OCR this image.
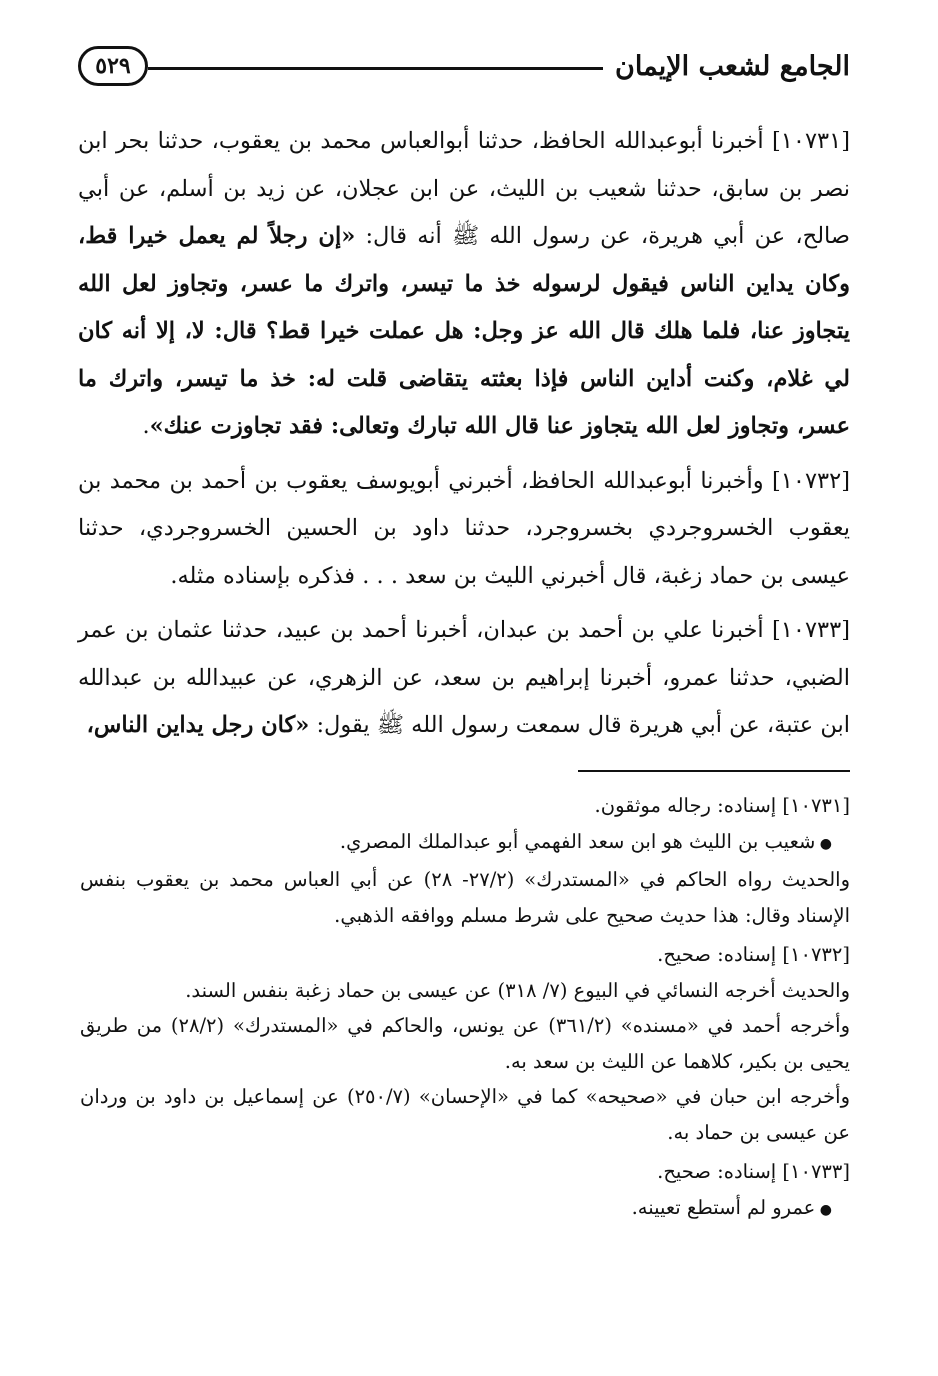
الجامع لشعب الإيمان
٥٢٩

[١٠٧٣١] أخبرنا أبوعبدالله الحافظ، حدثنا أبوالعباس محمد بن يعقوب، حدثنا بحر ابن نصر بن سابق، حدثنا شعيب بن الليث، عن ابن عجلان، عن زيد بن أسلم، عن أبي صالح، عن أبي هريرة، عن رسول الله ﷺ أنه قال: «إن رجلاً لم يعمل خيرا قط، وكان يداين الناس فيقول لرسوله خذ ما تيسر، واترك ما عسر، وتجاوز لعل الله يتجاوز عنا، فلما هلك قال الله عز وجل: هل عملت خيرا قط؟ قال: لا، إلا أنه كان لي غلام، وكنت أداين الناس فإذا بعثته يتقاضى قلت له: خذ ما تيسر، واترك ما عسر، وتجاوز لعل الله يتجاوز عنا قال الله تبارك وتعالى: فقد تجاوزت عنك».

[١٠٧٣٢] وأخبرنا أبوعبدالله الحافظ، أخبرني أبويوسف يعقوب بن أحمد بن محمد بن يعقوب الخسروجردي بخسروجرد، حدثنا داود بن الحسين الخسروجردي، حدثنا عيسى بن حماد زغبة، قال أخبرني الليث بن سعد . . . فذكره بإسناده مثله.

[١٠٧٣٣] أخبرنا علي بن أحمد بن عبدان، أخبرنا أحمد بن عبيد، حدثنا عثمان بن عمر الضبي، حدثنا عمرو، أخبرنا إبراهيم بن سعد، عن الزهري، عن عبيدالله بن عبدالله ابن عتبة، عن أبي هريرة قال سمعت رسول الله ﷺ يقول: «كان رجل يداين الناس،

[١٠٧٣١] إسناده: رجاله موثقون.

● شعيب بن الليث هو ابن سعد الفهمي أبو عبدالملك المصري.

والحديث رواه الحاكم في «المستدرك» (٢٧/٢- ٢٨) عن أبي العباس محمد بن يعقوب بنفس الإسناد وقال: هذا حديث صحيح على شرط مسلم ووافقه الذهبي.

[١٠٧٣٢] إسناده: صحيح.

والحديث أخرجه النسائي في البيوع (٧/ ٣١٨) عن عيسى بن حماد زغبة بنفس السند.

وأخرجه أحمد في «مسنده» (٣٦١/٢) عن يونس، والحاكم في «المستدرك» (٢٨/٢) من طريق يحيى بن بكير، كلاهما عن الليث بن سعد به.

وأخرجه ابن حبان في «صحيحه» كما في «الإحسان» (٢٥٠/٧) عن إسماعيل بن داود بن وردان عن عيسى بن حماد به.

[١٠٧٣٣] إسناده: صحيح.

● عمرو لم أستطع تعيينه.
